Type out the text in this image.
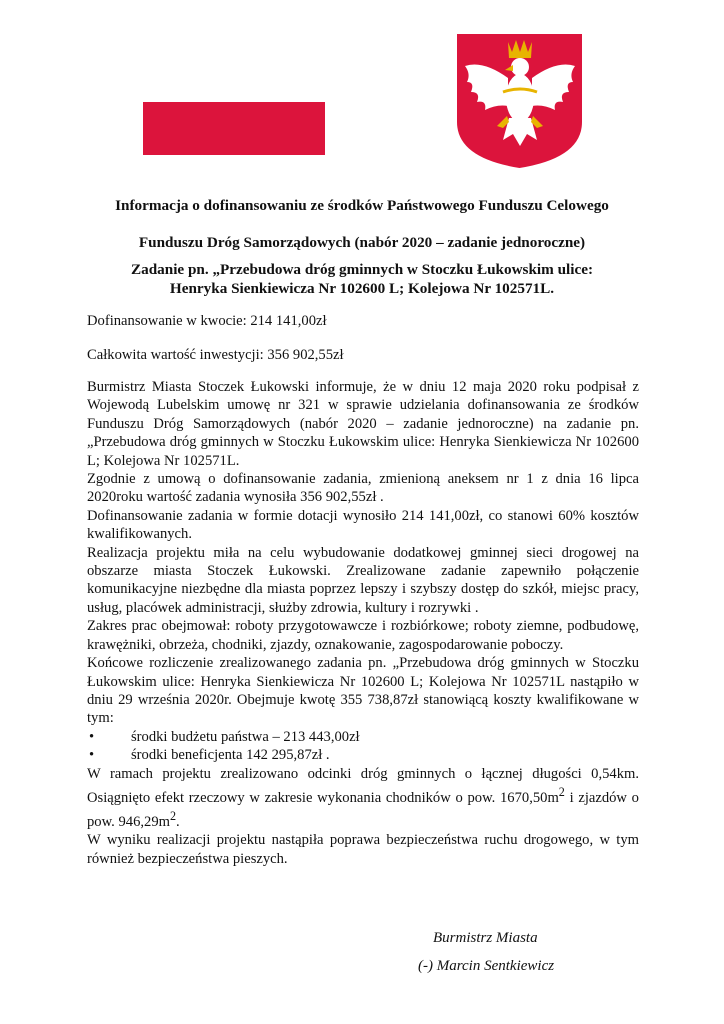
Informacja o dofinansowaniu ze środków Państwowego Funduszu Celowego
Funduszu Dróg Samorządowych (nabór 2020 – zadanie jednoroczne)
Zadanie pn. „Przebudowa dróg gminnych w Stoczku Łukowskim ulice:
Henryka Sienkiewicza Nr 102600 L; Kolejowa Nr 102571L.
Dofinansowanie w kwocie: 214 141,00zł
Całkowita wartość inwestycji: 356 902,55zł

Burmistrz Miasta Stoczek Łukowski informuje, że w dniu 12 maja 2020 roku podpisał z Wojewodą Lubelskim umowę nr 321 w sprawie udzielania dofinansowania ze środków Funduszu Dróg Samorządowych (nabór 2020 – zadanie jednoroczne) na zadanie pn. „Przebudowa dróg gminnych w Stoczku Łukowskim ulice: Henryka Sienkiewicza Nr 102600 L; Kolejowa Nr 102571L.

Zgodnie z umową o dofinansowanie zadania, zmienioną aneksem nr 1 z dnia 16 lipca 2020roku wartość zadania wynosiła 356 902,55zł .

Dofinansowanie zadania w formie dotacji wynosiło 214 141,00zł, co stanowi 60% kosztów kwalifikowanych.

Realizacja projektu miła na celu wybudowanie dodatkowej gminnej sieci drogowej na obszarze miasta Stoczek Łukowski. Zrealizowane zadanie zapewniło połączenie komunikacyjne niezbędne dla miasta poprzez lepszy i szybszy dostęp do szkół, miejsc pracy, usług, placówek administracji, służby zdrowia, kultury i rozrywki .

Zakres prac obejmował: roboty przygotowawcze i rozbiórkowe; roboty ziemne, podbudowę, krawężniki, obrzeża, chodniki, zjazdy, oznakowanie, zagospodarowanie poboczy.

Końcowe rozliczenie zrealizowanego zadania pn. „Przebudowa dróg gminnych w Stoczku Łukowskim ulice: Henryka Sienkiewicza Nr 102600 L; Kolejowa Nr 102571L nastąpiło w dniu 29 września 2020r. Obejmuje kwotę 355 738,87zł stanowiącą koszty kwalifikowane w tym:

•	środki budżetu państwa – 213 443,00zł
•	środki beneficjenta 142 295,87zł .

W ramach projektu zrealizowano odcinki dróg gminnych o łącznej długości 0,54km. Osiągnięto efekt rzeczowy w zakresie wykonania chodników o pow. $1670,50m^2$ i zjazdów o pow. $946,29m^2$.

W wyniku realizacji projektu nastąpiła poprawa bezpieczeństwa ruchu drogowego, w tym również bezpieczeństwa pieszych.

Burmistrz Miasta
(-) Marcin Sentkiewicz
